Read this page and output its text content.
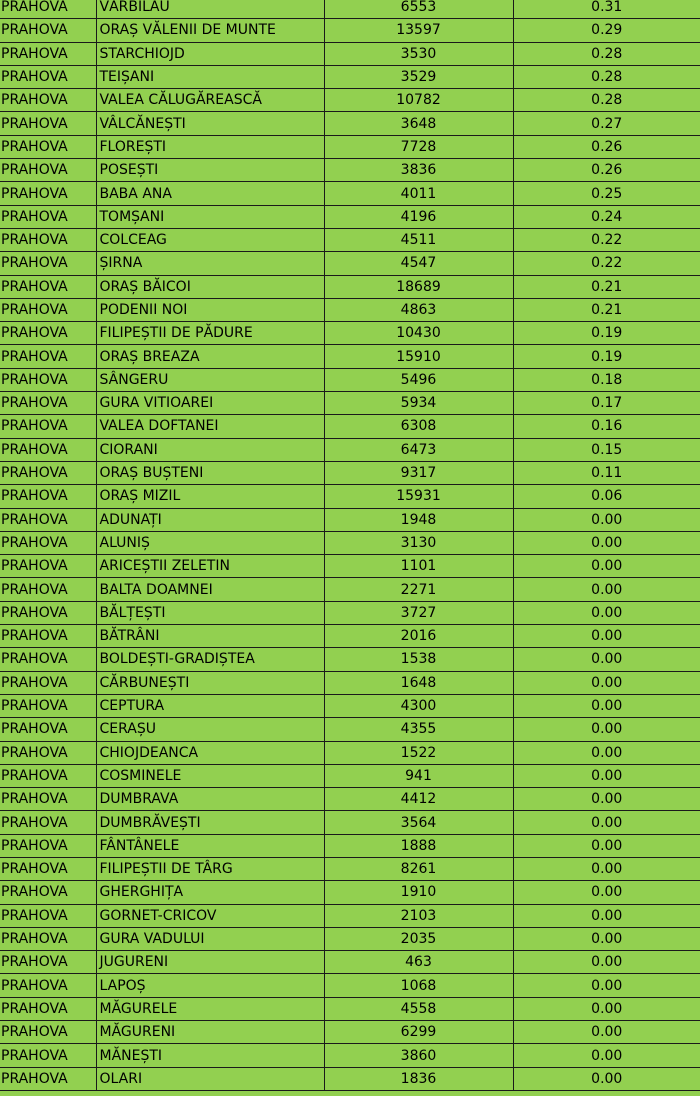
PRAHOVA	VĂRBILĂU	6553	0.31
PRAHOVA	ORAȘ VĂLENII DE MUNTE	13597	0.29
PRAHOVA	STARCHIOJD	3530	0.28
PRAHOVA	TEIȘANI	3529	0.28
PRAHOVA	VALEA CĂLUGĂREASCĂ	10782	0.28
PRAHOVA	VÂLCĂNEȘTI	3648	0.27
PRAHOVA	FLOREȘTI	7728	0.26
PRAHOVA	POSEȘTI	3836	0.26
PRAHOVA	BABA ANA	4011	0.25
PRAHOVA	TOMȘANI	4196	0.24
PRAHOVA	COLCEAG	4511	0.22
PRAHOVA	ȘIRNA	4547	0.22
PRAHOVA	ORAȘ BĂICOI	18689	0.21
PRAHOVA	PODENII NOI	4863	0.21
PRAHOVA	FILIPEȘTII DE PĂDURE	10430	0.19
PRAHOVA	ORAȘ BREAZA	15910	0.19
PRAHOVA	SÂNGERU	5496	0.18
PRAHOVA	GURA VITIOAREI	5934	0.17
PRAHOVA	VALEA DOFTANEI	6308	0.16
PRAHOVA	CIORANI	6473	0.15
PRAHOVA	ORAȘ BUȘTENI	9317	0.11
PRAHOVA	ORAȘ MIZIL	15931	0.06
PRAHOVA	ADUNAȚI	1948	0.00
PRAHOVA	ALUNIȘ	3130	0.00
PRAHOVA	ARICEȘTII ZELETIN	1101	0.00
PRAHOVA	BALTA DOAMNEI	2271	0.00
PRAHOVA	BĂLȚEȘTI	3727	0.00
PRAHOVA	BĂTRÂNI	2016	0.00
PRAHOVA	BOLDEȘTI-GRADIȘTEA	1538	0.00
PRAHOVA	CĂRBUNEȘTI	1648	0.00
PRAHOVA	CEPTURA	4300	0.00
PRAHOVA	CERAȘU	4355	0.00
PRAHOVA	CHIOJDEANCA	1522	0.00
PRAHOVA	COSMINELE	941	0.00
PRAHOVA	DUMBRAVA	4412	0.00
PRAHOVA	DUMBRĂVEȘTI	3564	0.00
PRAHOVA	FÂNTÂNELE	1888	0.00
PRAHOVA	FILIPEȘTII DE TÂRG	8261	0.00
PRAHOVA	GHERGHIȚA	1910	0.00
PRAHOVA	GORNET-CRICOV	2103	0.00
PRAHOVA	GURA VADULUI	2035	0.00
PRAHOVA	JUGURENI	463	0.00
PRAHOVA	LAPOȘ	1068	0.00
PRAHOVA	MĂGURELE	4558	0.00
PRAHOVA	MĂGURENI	6299	0.00
PRAHOVA	MĂNEȘTI	3860	0.00
PRAHOVA	OLARI	1836	0.00
